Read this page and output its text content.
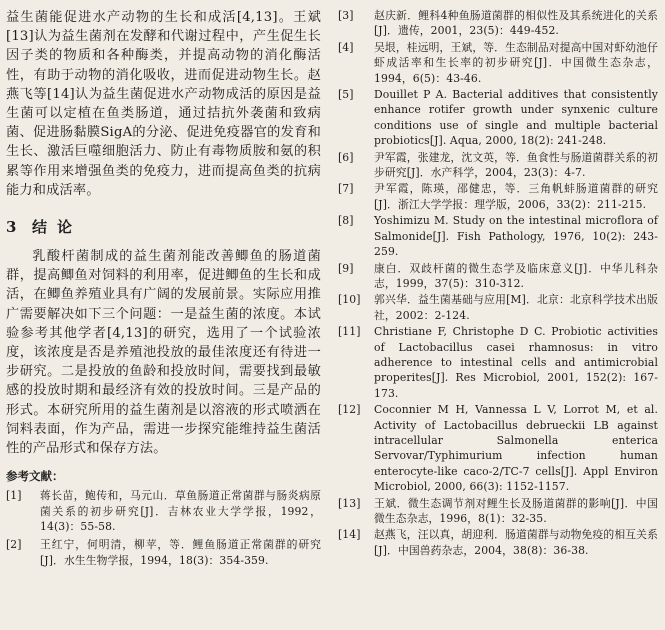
益生菌能促进水产动物的生长和成活[4,13]。王斌[13]认为益生菌剂在发酵和代谢过程中，产生促生长因子类的物质和各种酶类，并提高动物的消化酶活性，有助于动物的消化吸收，进而促进动物生长。赵燕飞等[14]认为益生菌促进水产动物成活的原因是益生菌可以定植在鱼类肠道，通过拮抗外袭菌和致病菌、促进肠黏膜SigA的分泌、促进免疫器官的发育和生长、激活巨噬细胞活力、防止有毒物质胺和氨的积累等作用来增强鱼类的免疫力，进而提高鱼类的抗病能力和成活率。

3 结论

乳酸杆菌制成的益生菌剂能改善鲫鱼的肠道菌群，提高鲫鱼对饲料的利用率，促进鲫鱼的生长和成活，在鲫鱼养殖业具有广阔的发展前景。实际应用推广需要解决如下三个问题：一是益生菌的浓度。本试验参考其他学者[4,13]的研究，选用了一个试验浓度，该浓度是否是养殖池投放的最佳浓度还有待进一步研究。二是投放的鱼龄和投放时间，需要找到最敏感的投放时期和最经济有效的投放时间。三是产品的形式。本研究所用的益生菌剂是以溶液的形式喷洒在饲料表面，作为产品，需进一步探究能维持益生菌活性的产品形式和保存方法。

参考文献：
[1]	蒋长苗，鲍传和，马元山．草鱼肠道正常菌群与肠炎病原菌关系的初步研究[J]．吉林农业大学学报，1992，14(3)：55-58.
[2]	王红宁，何明清，柳苹，等．鲤鱼肠道正常菌群的研究[J]．水生生物学报，1994，18(3)：354-359.
[3]	赵庆新．鲤科4种鱼肠道菌群的相似性及其系统进化的关系[J]．遗传，2001，23(5)：449-452.
[4]	吴垠，桂远明，王斌，等．生态制品对提高中国对虾幼池仔虾成活率和生长率的初步研究[J]．中国微生态杂志，1994，6(5)：43-46.
[5]	Douillet P A. Bacterial additives that consistently enhance rotifer growth under synxenic culture conditions use of single and multiple bacterial probiotics[J]. Aqua, 2000, 18(2): 241-248.
[6]	尹军霞，张建龙，沈文英，等．鱼食性与肠道菌群关系的初步研究[J]．水产科学，2004，23(3)：4-7.
[7]	尹军霞，陈瑛，邵健忠，等．三角帆蚌肠道菌群的研究[J]．浙江大学学报：理学版，2006，33(2)：211-215.
[8]	Yoshimizu M. Study on the intestinal microflora of Salmonide[J]. Fish Pathology, 1976, 10(2): 243-259.
[9]	康白．双歧杆菌的微生态学及临床意义[J]．中华儿科杂志，1999，37(5)：310-312.
[10]	郭兴华．益生菌基础与应用[M]．北京：北京科学技术出版社，2002：2-124.
[11]	Christiane F, Christophe D C. Probiotic activities of Lactobacillus casei rhamnosus: in vitro adherence to intestinal cells and antimicrobial properites[J]. Res Microbiol, 2001, 152(2): 167-173.
[12]	Coconnier M H, Vannessa L V, Lorrot M, et al. Activity of Lactobacillus debrueckii LB against intracellular Salmonella enterica Servovar/Typhimurium infection human enterocyte-like caco-2/TC-7 cells[J]. Appl Environ Microbiol, 2000, 66(3): 1152-1157.
[13]	王斌．微生态调节剂对鲤生长及肠道菌群的影响[J]．中国微生态杂志，1996，8(1)：32-35.
[14]	赵燕飞，汪以真，胡迎利．肠道菌群与动物免疫的相互关系[J]．中国兽药杂志，2004，38(8)：36-38.
